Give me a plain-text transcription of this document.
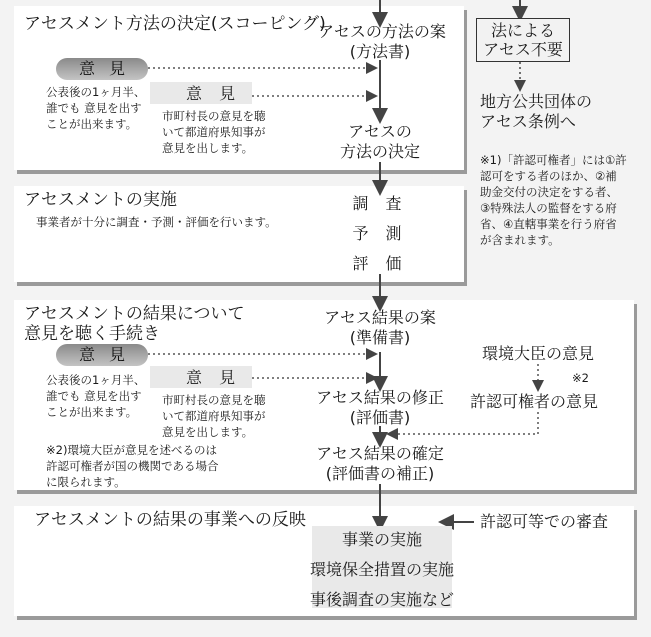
アセスメント方法の決定(スコーピング)
アセスの方法の案
(方法書)
意見
公表後の1ヶ月半、
誰でも 意見を出す
ことが出来ます。
意 見
市町村長の意見を聴
いて都道府県知事が
意見を出します。
アセスの
方法の決定
法による
アセス不要
地方公共団体の
アセス条例へ
※1)「許認可権者」には①許
認可をする者のほか、②補
助金交付の決定をする者、
③特殊法人の監督をする府
省、④直轄事業を行う府省
が含まれます。
アセスメントの実施
事業者が十分に調査・予測・評価を行います。
調 査
予 測
評 価
アセスメントの結果について
意見を聴く手続き
アセス結果の案
(準備書)
意見
公表後の1ヶ月半、
誰でも 意見を出す
ことが出来ます。
意 見
市町村長の意見を聴
いて都道府県知事が
意見を出します。
アセス結果の修正
(評価書)
アセス結果の確定
(評価書の補正)
環境大臣の意見
※2
許認可権者の意見
※2)環境大臣が意見を述べるのは
許認可権者が国の機関である場合
に限られます。
アセスメントの結果の事業への反映	許認可等での審査
事業の実施
環境保全措置の実施
事後調査の実施など
